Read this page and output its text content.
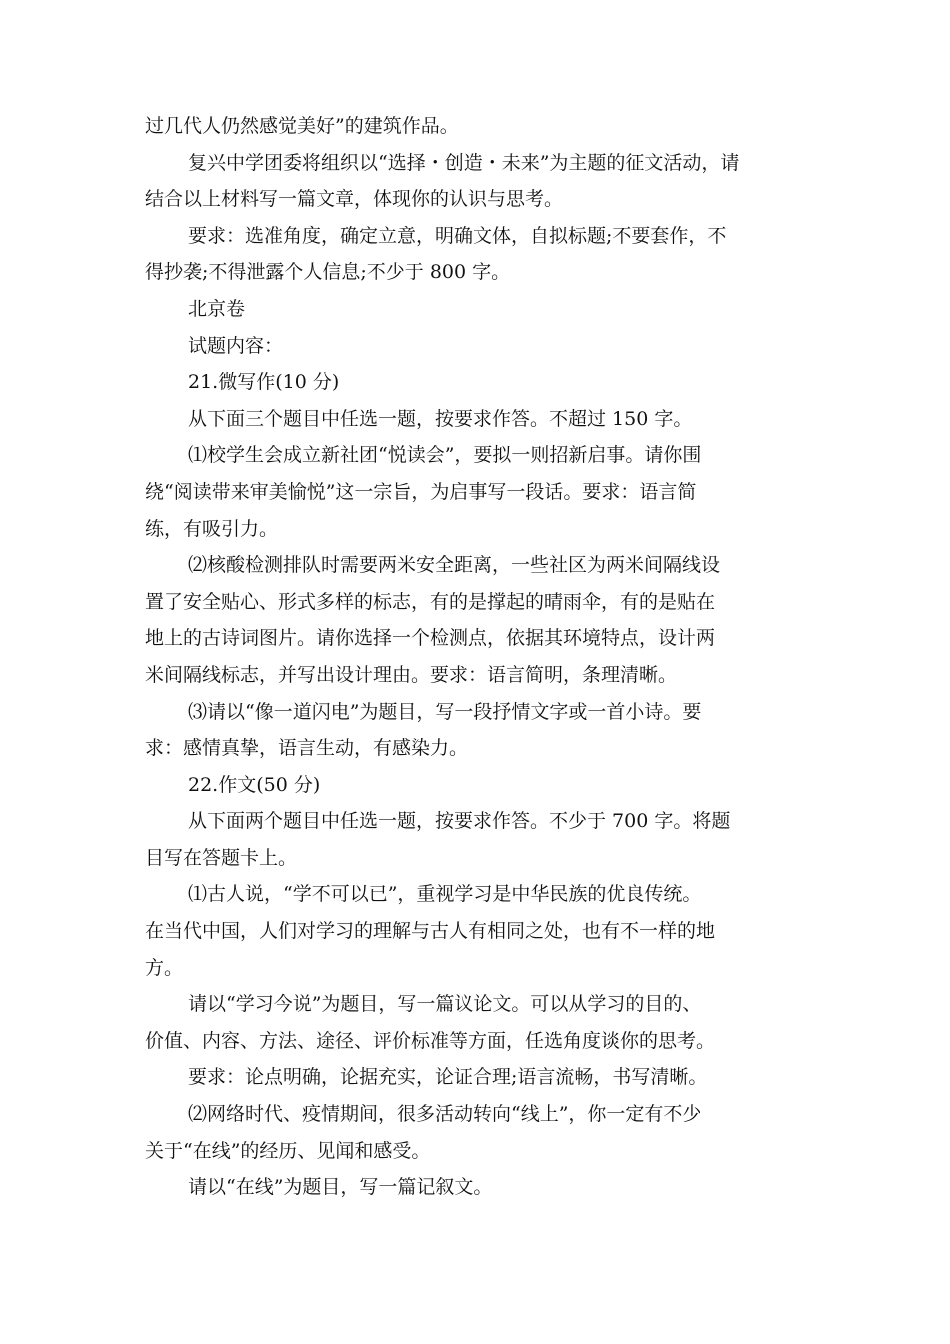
过几代人仍然感觉美好”的建筑作品。
复兴中学团委将组织以“选择・创造・未来”为主题的征文活动，请
结合以上材料写一篇文章，体现你的认识与思考。
要求：选准角度，确定立意，明确文体，自拟标题;不要套作，不
得抄袭;不得泄露个人信息;不少于 800 字。
北京卷
试题内容：
21.微写作(10 分)
从下面三个题目中任选一题，按要求作答。不超过 150 字。
⑴校学生会成立新社团“悦读会”，要拟一则招新启事。请你围
绕“阅读带来审美愉悦”这一宗旨，为启事写一段话。要求：语言简
练，有吸引力。
⑵核酸检测排队时需要两米安全距离，一些社区为两米间隔线设
置了安全贴心、形式多样的标志，有的是撑起的晴雨伞，有的是贴在
地上的古诗词图片。请你选择一个检测点，依据其环境特点，设计两
米间隔线标志，并写出设计理由。要求：语言简明，条理清晰。
⑶请以“像一道闪电”为题目，写一段抒情文字或一首小诗。要
求：感情真挚，语言生动，有感染力。
22.作文(50 分)
从下面两个题目中任选一题，按要求作答。不少于 700 字。将题
目写在答题卡上。
⑴古人说，“学不可以已”，重视学习是中华民族的优良传统。
在当代中国，人们对学习的理解与古人有相同之处，也有不一样的地
方。
请以“学习今说”为题目，写一篇议论文。可以从学习的目的、
价值、内容、方法、途径、评价标准等方面，任选角度谈你的思考。
要求：论点明确，论据充实，论证合理;语言流畅，书写清晰。
⑵网络时代、疫情期间，很多活动转向“线上”，你一定有不少
关于“在线”的经历、见闻和感受。
请以“在线”为题目，写一篇记叙文。
